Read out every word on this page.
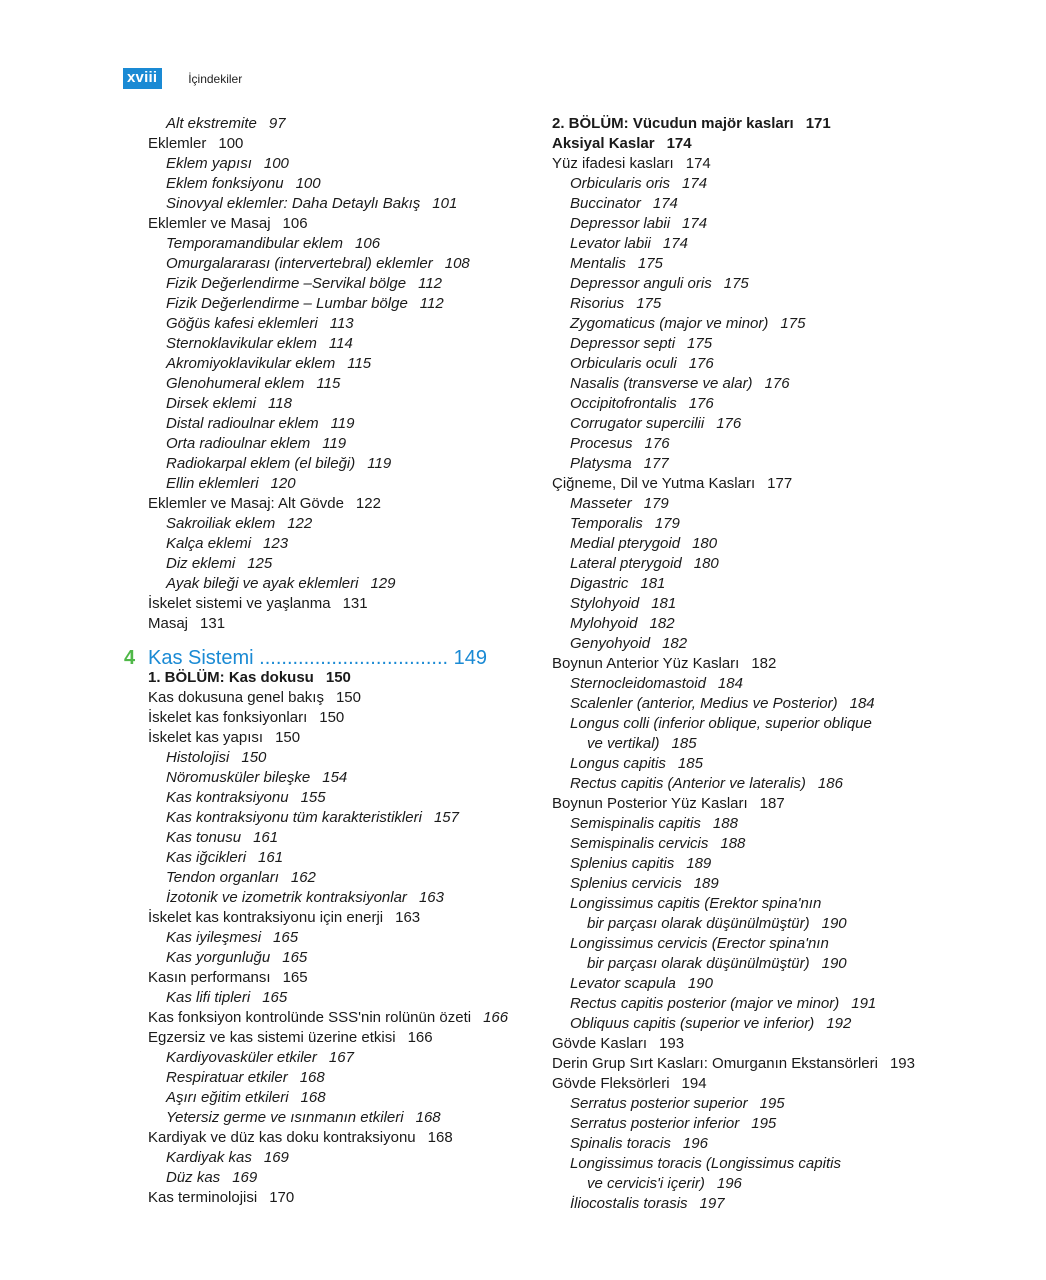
xviii	İçindekiler
Alt ekstremite 97
Eklemler 100
Eklem yapısı 100
Eklem fonksiyonu 100
Sinovyal eklemler: Daha Detaylı Bakış 101
Eklemler ve Masaj 106
Temporamandibular eklem 106
Omurgalararası (intervertebral) eklemler 108
Fizik Değerlendirme –Servikal bölge 112
Fizik Değerlendirme – Lumbar bölge 112
Göğüs kafesi eklemleri 113
Sternoklavikular eklem 114
Akromiyoklavikular eklem 115
Glenohumeral eklem 115
Dirsek eklemi 118
Distal radioulnar eklem 119
Orta radioulnar eklem 119
Radiokarpal eklem (el bileği) 119
Ellin eklemleri 120
Eklemler ve Masaj: Alt Gövde 122
Sakroiliak eklem 122
Kalça eklemi 123
Diz eklemi 125
Ayak bileği ve ayak eklemleri 129
İskelet sistemi ve yaşlanma 131
Masaj 131
4 Kas Sistemi .................................. 149
1. BÖLÜM: Kas dokusu 150
Kas dokusuna genel bakış 150
İskelet kas fonksiyonları 150
İskelet kas yapısı 150
Histolojisi 150
Nöromusküler bileşke 154
Kas kontraksiyonu 155
Kas kontraksiyonu tüm karakteristikleri 157
Kas tonusu 161
Kas iğcikleri 161
Tendon organları 162
İzotonik ve izometrik kontraksiyonlar 163
İskelet kas kontraksiyonu için enerji 163
Kas iyileşmesi 165
Kas yorgunluğu 165
Kasın performansı 165
Kas lifi tipleri 165
Kas fonksiyon kontrolünde SSS'nin rolünün özeti 166
Egzersiz ve kas sistemi üzerine etkisi 166
Kardiyovasküler etkiler 167
Respiratuar etkiler 168
Aşırı eğitim etkileri 168
Yetersiz germe ve ısınmanın etkileri 168
Kardiyak ve düz kas doku kontraksiyonu 168
Kardiyak kas 169
Düz kas 169
Kas terminolojisi 170
2. BÖLÜM: Vücudun majör kasları 171
Aksiyal Kaslar 174
Yüz ifadesi kasları 174
Orbicularis oris 174
Buccinator 174
Depressor labii 174
Levator labii 174
Mentalis 175
Depressor anguli oris 175
Risorius 175
Zygomaticus (major ve minor) 175
Depressor septi 175
Orbicularis oculi 176
Nasalis (transverse ve alar) 176
Occipitofrontalis 176
Corrugator supercilii 176
Procesus 176
Platysma 177
Çiğneme, Dil ve Yutma Kasları 177
Masseter 179
Temporalis 179
Medial pterygoid 180
Lateral pterygoid 180
Digastric 181
Stylohyoid 181
Mylohyoid 182
Genyohyoid 182
Boynun Anterior Yüz Kasları 182
Sternocleidomastoid 184
Scalenler (anterior, Medius ve Posterior) 184
Longus colli (inferior oblique, superior oblique
ve vertikal) 185
Longus capitis 185
Rectus capitis (Anterior ve lateralis) 186
Boynun Posterior Yüz Kasları 187
Semispinalis capitis 188
Semispinalis cervicis 188
Splenius capitis 189
Splenius cervicis 189
Longissimus capitis (Erektor spina'nın
bir parçası olarak düşünülmüştür) 190
Longissimus cervicis (Erector spina'nın
bir parçası olarak düşünülmüştür) 190
Levator scapula 190
Rectus capitis posterior (major ve minor) 191
Obliquus capitis (superior ve inferior) 192
Gövde Kasları 193
Derin Grup Sırt Kasları: Omurganın Ekstansörleri 193
Gövde Fleksörleri 194
Serratus posterior superior 195
Serratus posterior inferior 195
Spinalis toracis 196
Longissimus toracis (Longissimus capitis
ve cervicis'i içerir) 196
İliocostalis torasis 197
